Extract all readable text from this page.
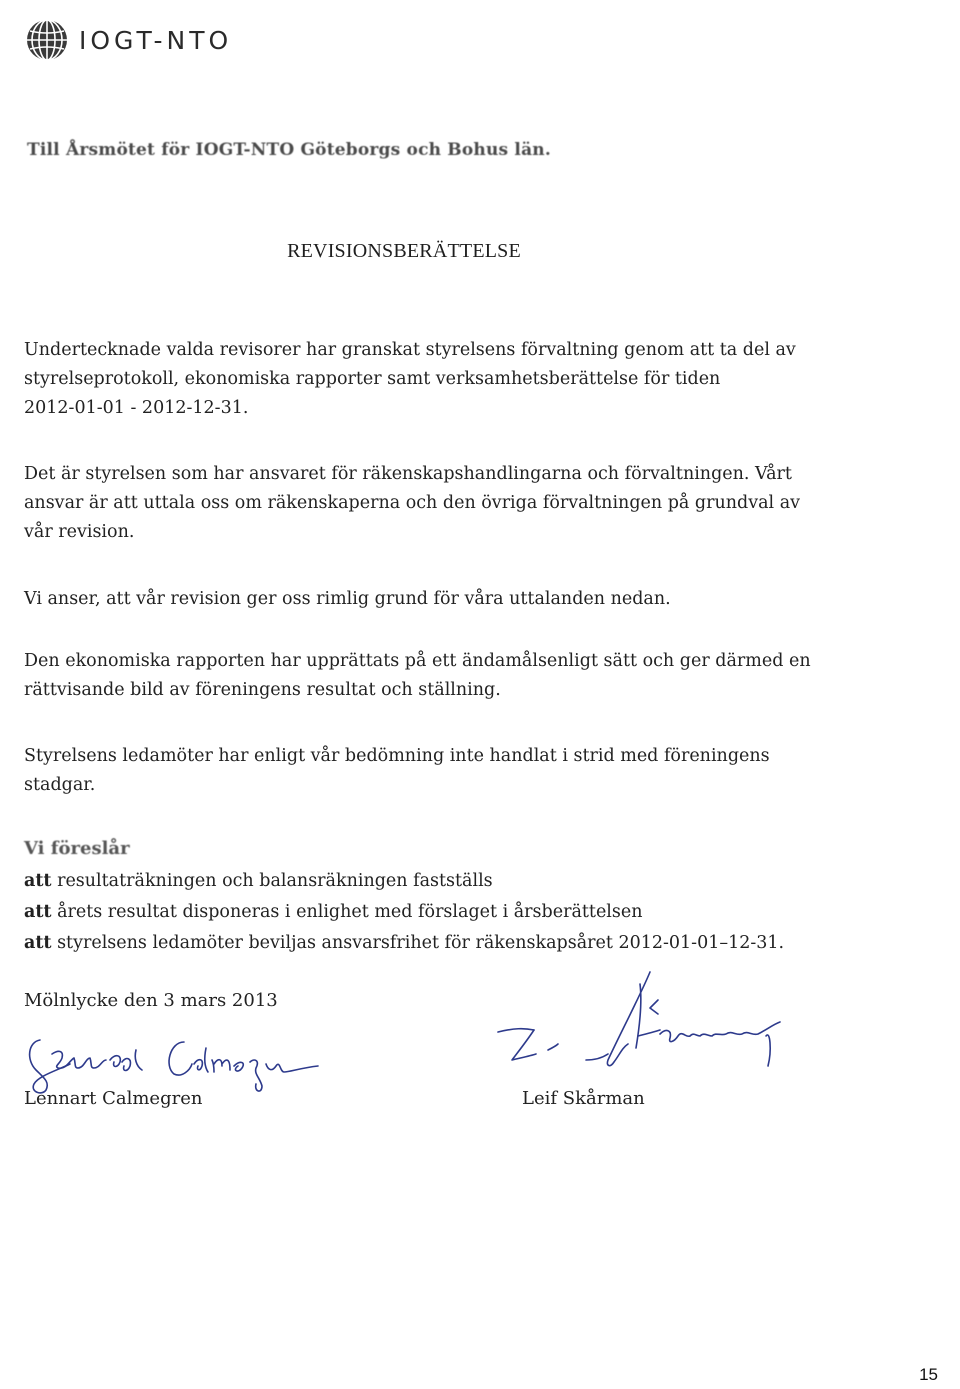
IOGT-NTO
Till Årsmötet för IOGT-NTO Göteborgs och Bohus län.
REVISIONSBERÄTTELSE
Undertecknade valda revisorer har granskat styrelsens förvaltning genom att ta del av
styrelseprotokoll, ekonomiska rapporter samt verksamhetsberättelse för tiden
2012-01-01 - 2012-12-31.
Det är styrelsen som har ansvaret för räkenskapshandlingarna och förvaltningen. Vårt
ansvar är att uttala oss om räkenskaperna och den övriga förvaltningen på grundval av
vår revision.
Vi anser, att vår revision ger oss rimlig grund för våra uttalanden nedan.
Den ekonomiska rapporten har upprättats på ett ändamålsenligt sätt och ger därmed en
rättvisande bild av föreningens resultat och ställning.
Styrelsens ledamöter har enligt vår bedömning inte handlat i strid med föreningens
stadgar.
Vi föreslår
att resultaträkningen och balansräkningen fastställs
att årets resultat disponeras i enlighet med förslaget i årsberättelsen
att styrelsens ledamöter beviljas ansvarsfrihet för räkenskapsåret 2012-01-01–12-31.
Mölnlycke den 3 mars 2013
Lennart Calmegren	Leif Skårman
15
